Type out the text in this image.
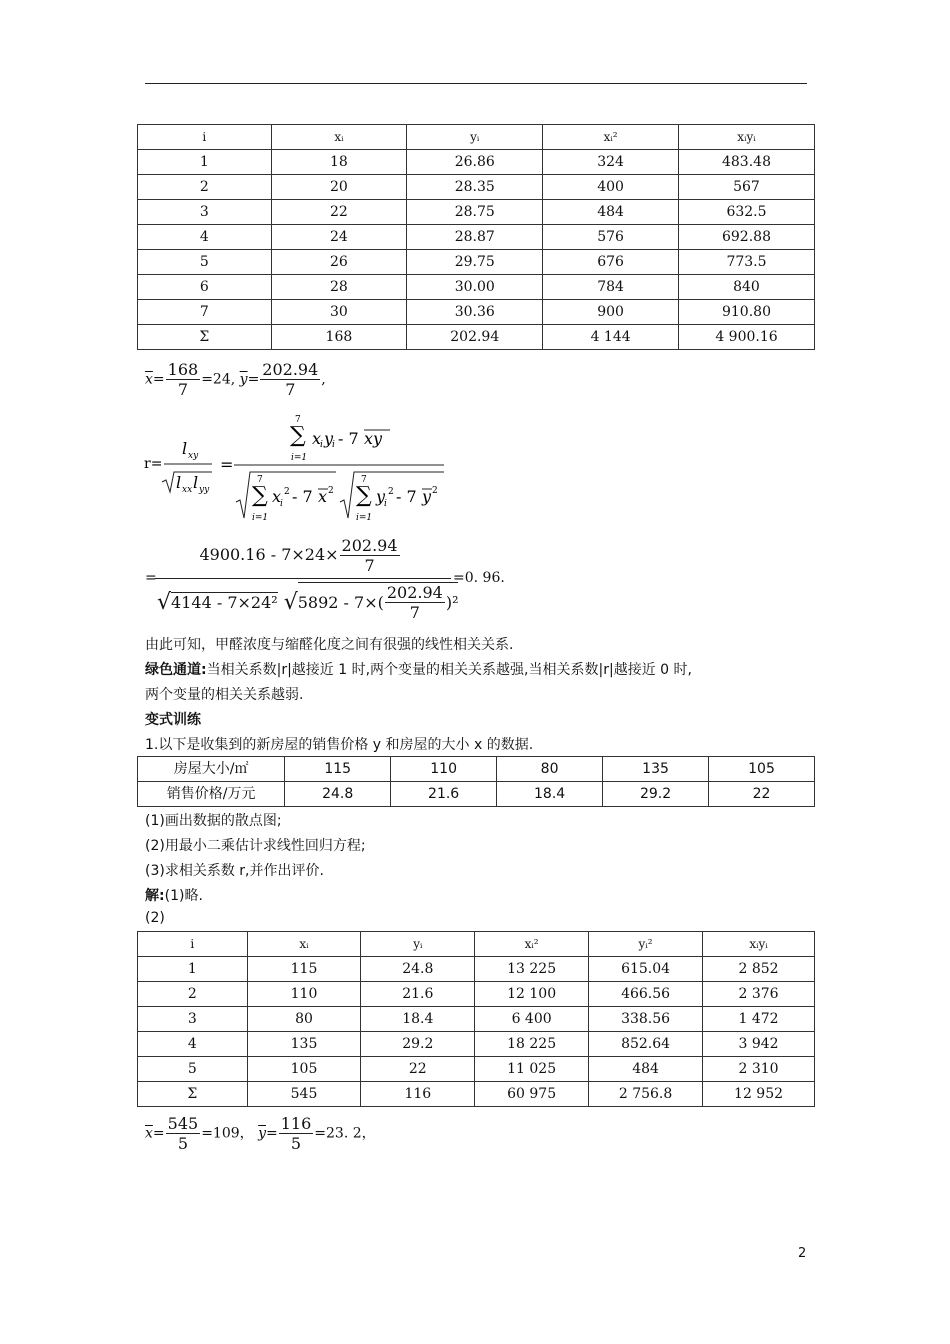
i	xᵢ	yᵢ	xᵢ²	xᵢyᵢ
1	18	26.86	324	483.48
2	20	28.35	400	567
3	22	28.75	484	632.5
4	24	28.87	576	692.88
5	26	29.75	676	773.5
6	28	30.00	784	840
7	30	30.36	900	910.80
Σ	168	202.94	4 144	4 900.16
$\overline{x}= \frac{168}{7} =24$, $\overline{y}= \frac{202.94}{7}$ ,
r=
l xy
l xx l yy
=
∑
7
i=1
x
i y
i - 7 xy
∑
7
i=1
x
i
2 - 7 x 2 ∑
7
i=1
y
i
2 - 7 y 2
=
$4900.16 - 7\times 24\times \frac{202.94}{7}$
√ 4144 - 7×24² √ $5892 - 7\times( \frac{202.94}{7} )^2$
=0. 96.
由此可知，甲醛浓度与缩醛化度之间有很强的线性相关关系.
绿色通道:当相关系数|r|越接近 1 时,两个变量的相关关系越强,当相关系数|r|越接近 0 时,
两个变量的相关关系越弱.
变式训练
1.以下是收集到的新房屋的销售价格 y 和房屋的大小 x 的数据.
房屋大小/㎡	115	110	80	135	105
销售价格/万元	24.8	21.6	18.4	29.2	22
(1)画出数据的散点图;
(2)用最小二乘估计求线性回归方程;
(3)求相关系数 r,并作出评价.
解:(1)略.
(2)
i	xᵢ	yᵢ	xᵢ²	yᵢ²	xᵢyᵢ
1	115	24.8	13 225	615.04	2 852
2	110	21.6	12 100	466.56	2 376
3	80	18.4	6 400	338.56	1 472
4	135	29.2	18 225	852.64	3 942
5	105	22	11 025	484	2 310
Σ	545	116	60 975	2 756.8	12 952
$\overline{x}= \frac{545}{5} =109$， $\overline{y}= \frac{116}{5} =23$. 2，
2
